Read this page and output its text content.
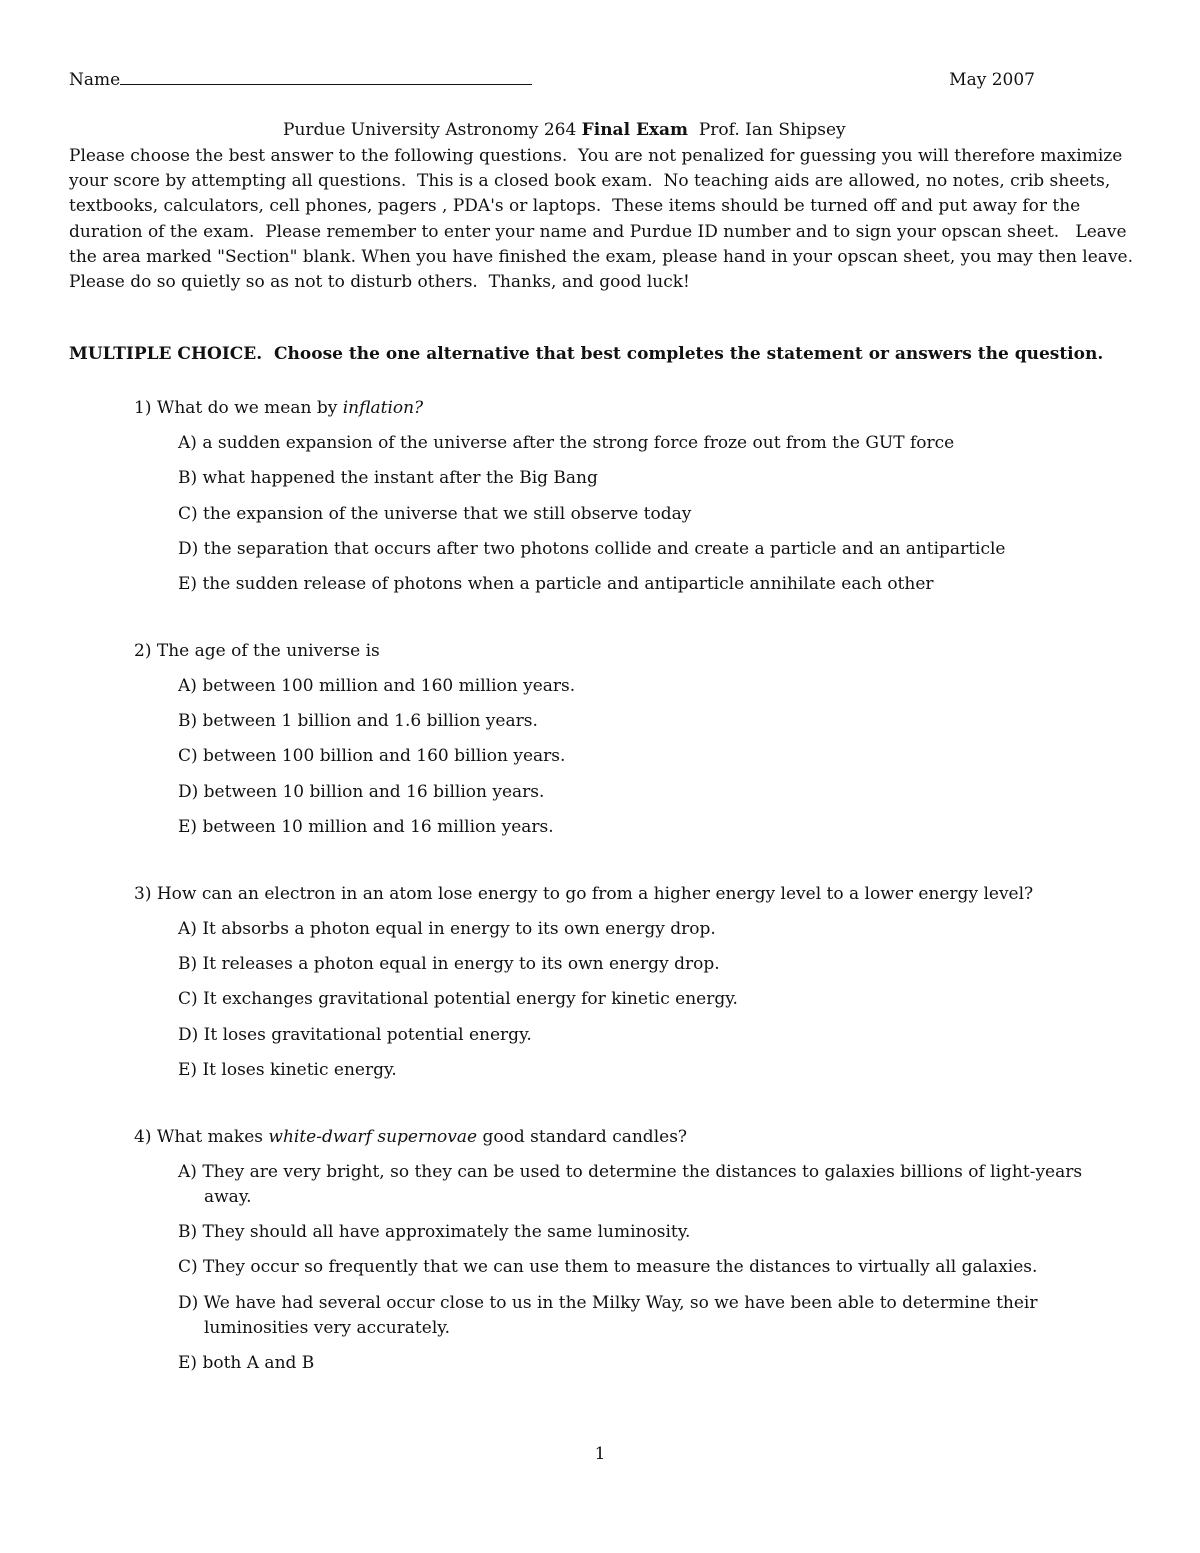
Name	May 2007
Purdue University Astronomy 264 Final Exam  Prof. Ian Shipsey
Please choose the best answer to the following questions.  You are not penalized for guessing you will therefore maximize
your score by attempting all questions.  This is a closed book exam.  No teaching aids are allowed, no notes, crib sheets,
textbooks, calculators, cell phones, pagers , PDA's or laptops.  These items should be turned off and put away for the
duration of the exam.  Please remember to enter your name and Purdue ID number and to sign your opscan sheet.   Leave
the area marked "Section" blank. When you have finished the exam, please hand in your opscan sheet, you may then leave.
Please do so quietly so as not to disturb others.  Thanks, and good luck!
MULTIPLE CHOICE.  Choose the one alternative that best completes the statement or answers the question.
1) What do we mean by inflation?
A) a sudden expansion of the universe after the strong force froze out from the GUT force
B) what happened the instant after the Big Bang
C) the expansion of the universe that we still observe today
D) the separation that occurs after two photons collide and create a particle and an antiparticle
E) the sudden release of photons when a particle and antiparticle annihilate each other
2) The age of the universe is
A) between 100 million and 160 million years.
B) between 1 billion and 1.6 billion years.
C) between 100 billion and 160 billion years.
D) between 10 billion and 16 billion years.
E) between 10 million and 16 million years.
3) How can an electron in an atom lose energy to go from a higher energy level to a lower energy level?
A) It absorbs a photon equal in energy to its own energy drop.
B) It releases a photon equal in energy to its own energy drop.
C) It exchanges gravitational potential energy for kinetic energy.
D) It loses gravitational potential energy.
E) It loses kinetic energy.
4) What makes white-dwarf supernovae good standard candles?
A) They are very bright, so they can be used to determine the distances to galaxies billions of light-years
away.
B) They should all have approximately the same luminosity.
C) They occur so frequently that we can use them to measure the distances to virtually all galaxies.
D) We have had several occur close to us in the Milky Way, so we have been able to determine their
luminosities very accurately.
E) both A and B
1
